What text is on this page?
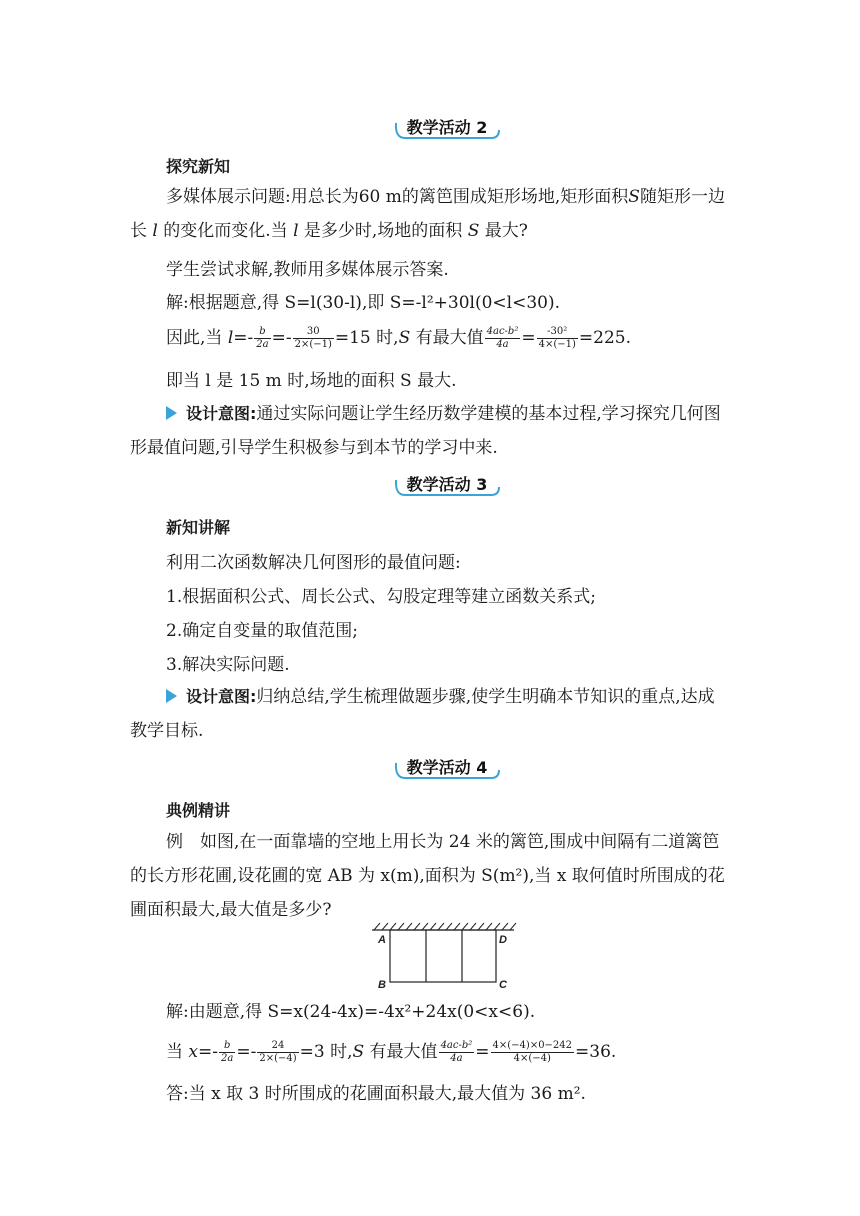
教学活动 2
探究新知
多媒体展示问题:用总长为60 m的篱笆围成矩形场地,矩形面积S随矩形一边长 l 的变化而变化.当 l 是多少时,场地的面积 S 最大?
学生尝试求解,教师用多媒体展示答案.
解:根据题意,得 S=l(30-l),即 S=-l²+30l(0<l<30).
因此,当 $l=- \frac{b}{2a} =- \frac{30}{2\times(-1)} =15$ 时,S 有最大值 $\frac{\text{4ac-b²}}{4a} = \frac{\text{-30²}}{4\times(-1)} =225$.
即当 l 是 15 m 时,场地的面积 S 最大.
设计意图:通过实际问题让学生经历数学建模的基本过程,学习探究几何图形最值问题,引导学生积极参与到本节的学习中来.
教学活动 3
新知讲解
利用二次函数解决几何图形的最值问题:
1.根据面积公式、周长公式、勾股定理等建立函数关系式;
2.确定自变量的取值范围;
3.解决实际问题.
设计意图:归纳总结,学生梳理做题步骤,使学生明确本节知识的重点,达成教学目标.
教学活动 4
典例精讲
例　如图,在一面靠墙的空地上用长为 24 米的篱笆,围成中间隔有二道篱笆的长方形花圃,设花圃的宽 AB 为 x(m),面积为 S(m²),当 x 取何值时所围成的花圃面积最大,最大值是多少?
A
B	C
D
解:由题意,得 S=x(24-4x)=-4x²+24x(0<x<6).
当 $x=- \frac{b}{2a} =- \frac{24}{2\times(-4)} =3$ 时,S 有最大值 $\frac{\text{4ac-b²}}{4a} = \frac{4\times(-4)\times 0-242}{4\times(-4)} =36$.
答:当 x 取 3 时所围成的花圃面积最大,最大值为 36 m².
